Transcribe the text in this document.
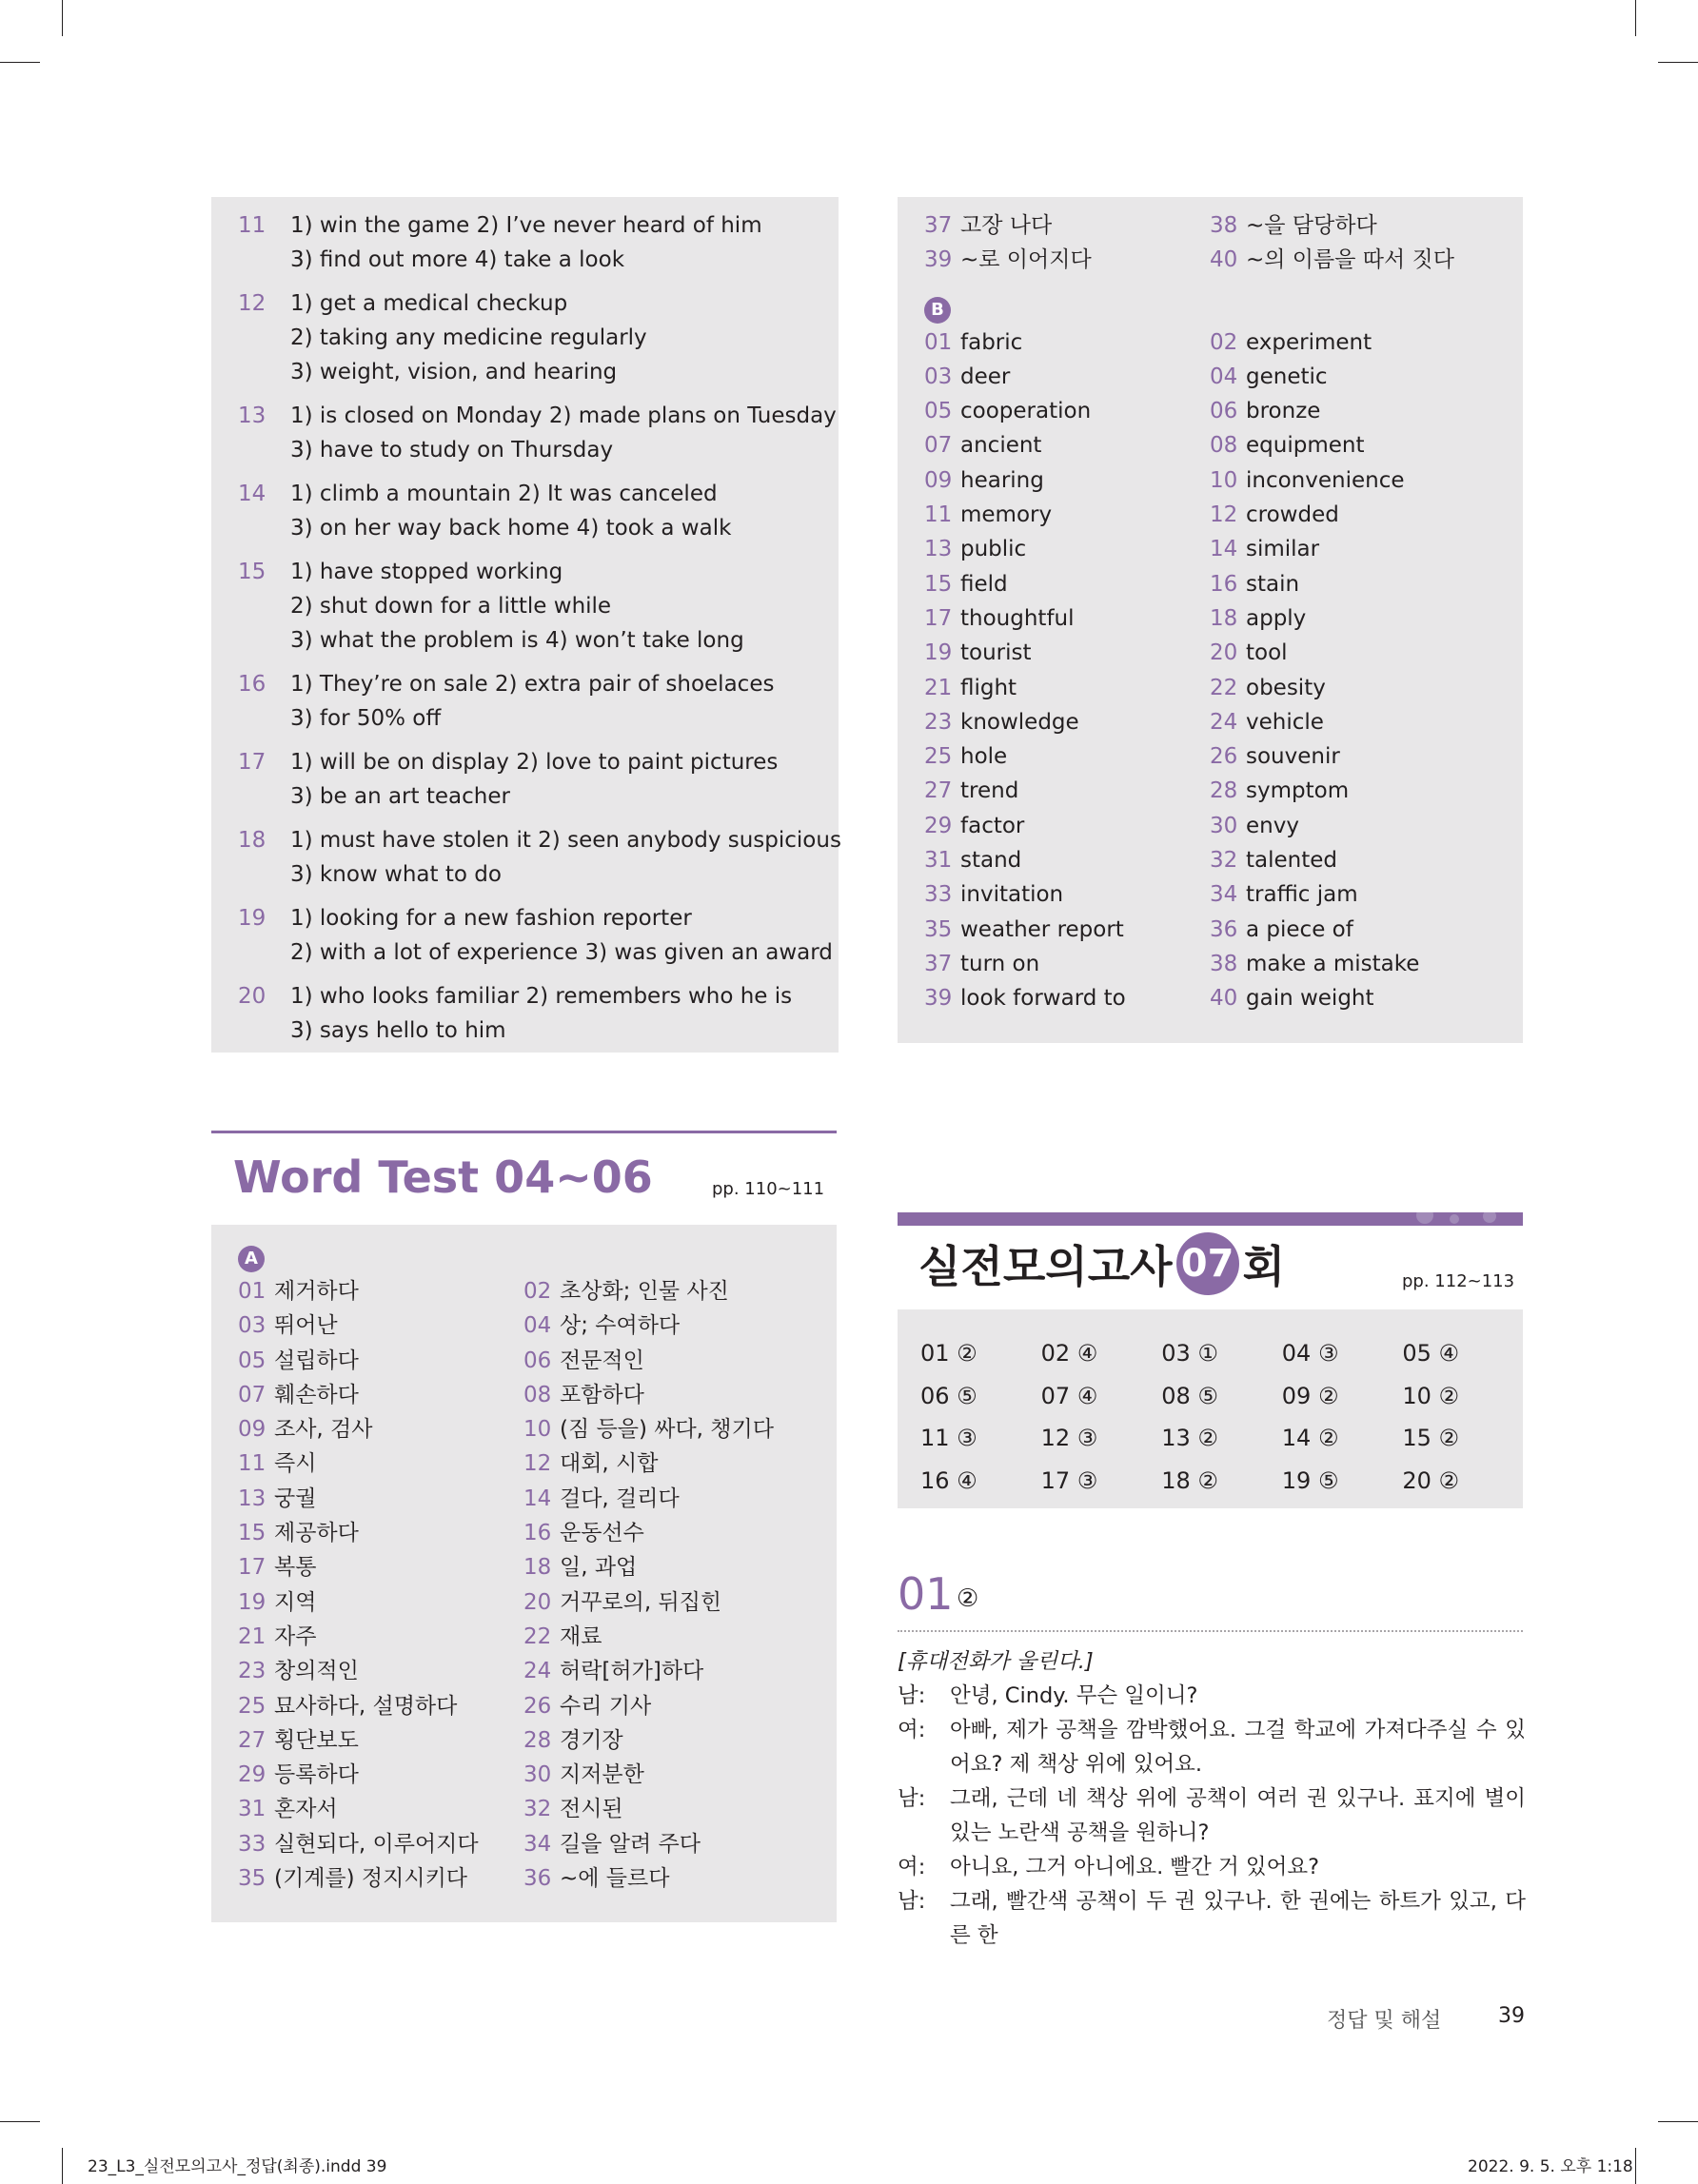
11	1) win the game 2) I’ve never heard of him
3) find out more 4) take a look
12	1) get a medical checkup
2) taking any medicine regularly
3) weight, vision, and hearing
13	1) is closed on Monday 2) made plans on Tuesday
3) have to study on Thursday
14	1) climb a mountain 2) It was canceled
3) on her way back home 4) took a walk
15	1) have stopped working
2) shut down for a little while
3) what the problem is 4) won’t take long
16	1) They’re on sale 2) extra pair of shoelaces
3) for 50% off
17	1) will be on display 2) love to paint pictures
3) be an art teacher
18	1) must have stolen it 2) seen anybody suspicious
3) know what to do
19	1) looking for a new fashion reporter
2) with a lot of experience 3) was given an award
20	1) who looks familiar 2) remembers who he is
3) says hello to him
37 고장 나다	38 ~을 담당하다
39 ~로 이어지다	40 ~의 이름을 따서 짓다
B
01 fabric	02 experiment
03 deer	04 genetic
05 cooperation	06 bronze
07 ancient	08 equipment
09 hearing	10 inconvenience
11 memory	12 crowded
13 public	14 similar
15 field	16 stain
17 thoughtful	18 apply
19 tourist	20 tool
21 flight	22 obesity
23 knowledge	24 vehicle
25 hole	26 souvenir
27 trend	28 symptom
29 factor	30 envy
31 stand	32 talented
33 invitation	34 traffic jam
35 weather report	36 a piece of
37 turn on	38 make a mistake
39 look forward to	40 gain weight
Word Test 04~06	pp. 110~111
A
01 제거하다	02 초상화; 인물 사진
03 뛰어난	04 상; 수여하다
05 설립하다	06 전문적인
07 훼손하다	08 포함하다
09 조사, 검사	10 (짐 등을) 싸다, 챙기다
11 즉시	12 대회, 시합
13 궁궐	14 걸다, 걸리다
15 제공하다	16 운동선수
17 복통	18 일, 과업
19 지역	20 거꾸로의, 뒤집힌
21 자주	22 재료
23 창의적인	24 허락[허가]하다
25 묘사하다, 설명하다	26 수리 기사
27 횡단보도	28 경기장
29 등록하다	30 지저분한
31 혼자서	32 전시된
33 실현되다, 이루어지다 34 길을 알려 주다
35 (기계를) 정지시키다	36 ~에 들르다
실전모의고사 07 회	pp. 112~113
01 ②	02 ④	03 ①	04 ③	05 ④
06 ⑤	07 ④	08 ⑤	09 ②	10 ②
11 ③	12 ③	13 ②	14 ②	15 ②
16 ④	17 ③	18 ②	19 ⑤	20 ②
01 ②
[휴대전화가 울린다.]
남:	안녕, Cindy. 무슨 일이니?
여:	아빠, 제가 공책을 깜박했어요. 그걸 학교에 가져다주실 수 있어요? 제 책상 위에 있어요.
남:	그래, 근데 네 책상 위에 공책이 여러 권 있구나. 표지에 별이 있는 노란색 공책을 원하니?
여:	아니요, 그거 아니에요. 빨간 거 있어요?
남:	그래, 빨간색 공책이 두 권 있구나. 한 권에는 하트가 있고, 다른 한
정답 및 해설	39
23_L3_실전모의고사_정답(최종).indd 39	2022. 9. 5. 오후 1:18
